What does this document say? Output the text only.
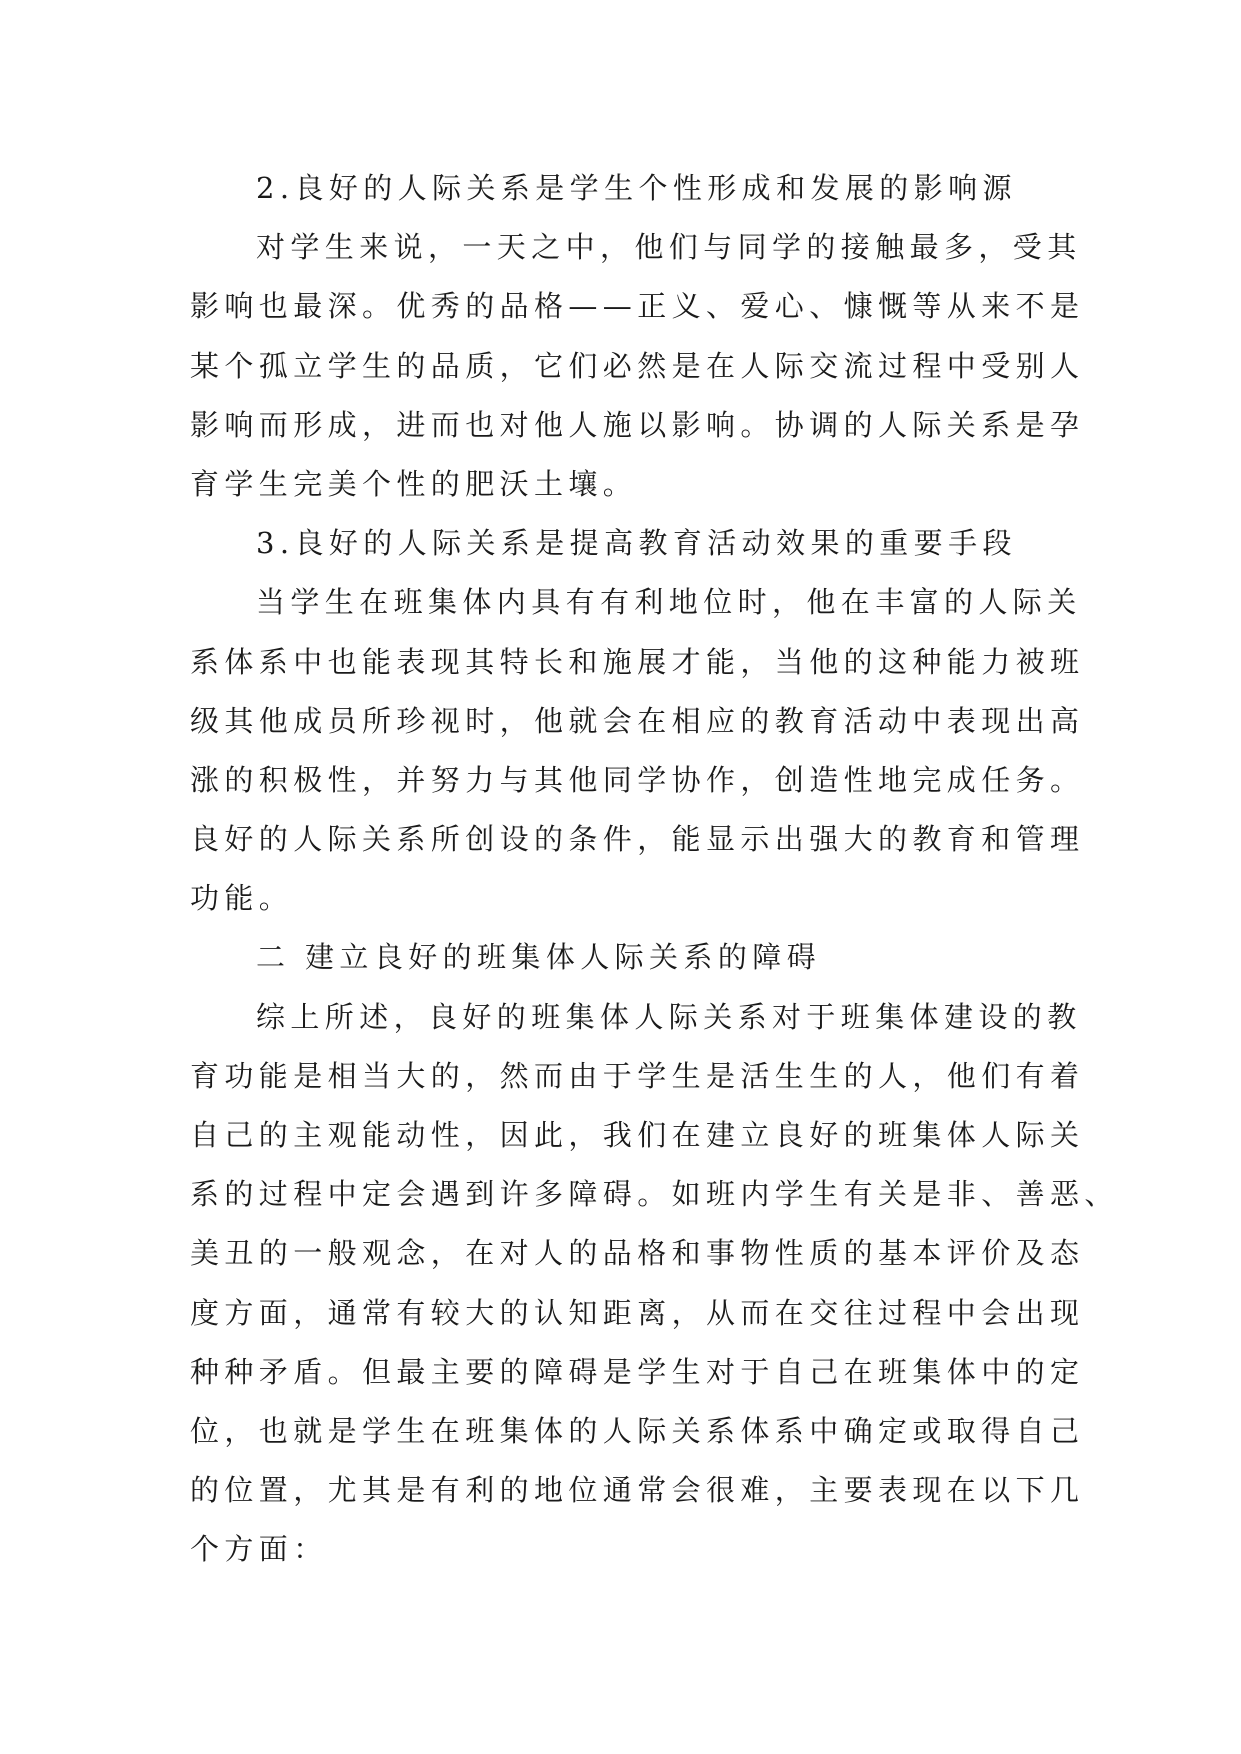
2.良好的人际关系是学生个性形成和发展的影响源
对学生来说，一天之中，他们与同学的接触最多，受其
影响也最深。优秀的品格——正义、爱心、慷慨等从来不是
某个孤立学生的品质，它们必然是在人际交流过程中受别人
影响而形成，进而也对他人施以影响。协调的人际关系是孕
育学生完美个性的肥沃土壤。
3.良好的人际关系是提高教育活动效果的重要手段
当学生在班集体内具有有利地位时，他在丰富的人际关
系体系中也能表现其特长和施展才能，当他的这种能力被班
级其他成员所珍视时，他就会在相应的教育活动中表现出高
涨的积极性，并努力与其他同学协作，创造性地完成任务。
良好的人际关系所创设的条件，能显示出强大的教育和管理
功能。
二 建立良好的班集体人际关系的障碍
综上所述，良好的班集体人际关系对于班集体建设的教
育功能是相当大的，然而由于学生是活生生的人，他们有着
自己的主观能动性，因此，我们在建立良好的班集体人际关
系的过程中定会遇到许多障碍。如班内学生有关是非、善恶、
美丑的一般观念，在对人的品格和事物性质的基本评价及态
度方面，通常有较大的认知距离，从而在交往过程中会出现
种种矛盾。但最主要的障碍是学生对于自己在班集体中的定
位，也就是学生在班集体的人际关系体系中确定或取得自己
的位置，尤其是有利的地位通常会很难，主要表现在以下几
个方面：
